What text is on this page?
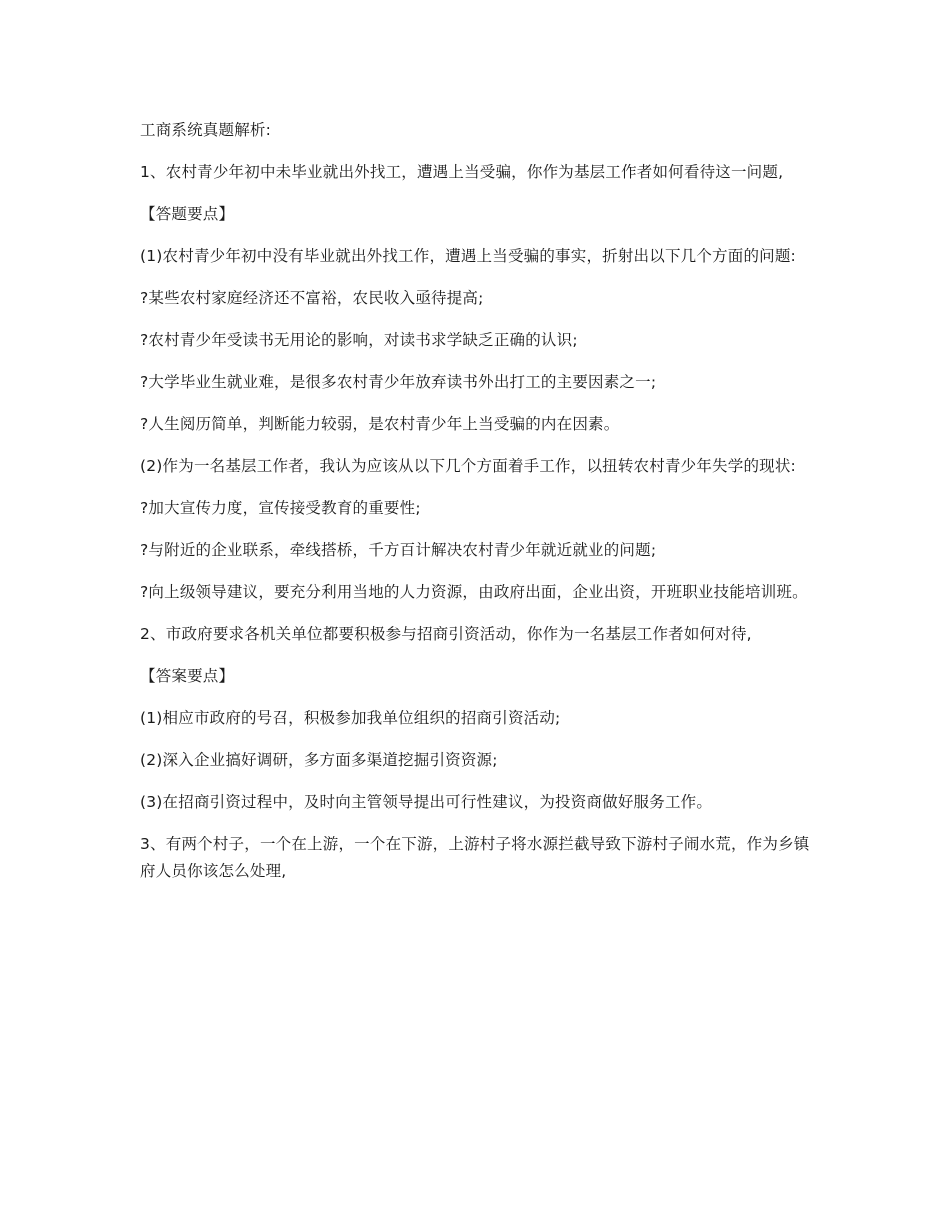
工商系统真题解析:

1、农村青少年初中未毕业就出外找工，遭遇上当受骗，你作为基层工作者如何看待这一问题,

【答题要点】

(1)农村青少年初中没有毕业就出外找工作，遭遇上当受骗的事实，折射出以下几个方面的问题:

?某些农村家庭经济还不富裕，农民收入亟待提高;

?农村青少年受读书无用论的影响，对读书求学缺乏正确的认识;

?大学毕业生就业难，是很多农村青少年放弃读书外出打工的主要因素之一;

?人生阅历简单，判断能力较弱，是农村青少年上当受骗的内在因素。

(2)作为一名基层工作者，我认为应该从以下几个方面着手工作，以扭转农村青少年失学的现状:

?加大宣传力度，宣传接受教育的重要性;

?与附近的企业联系，牵线搭桥，千方百计解决农村青少年就近就业的问题;

?向上级领导建议，要充分利用当地的人力资源，由政府出面，企业出资，开班职业技能培训班。

2、市政府要求各机关单位都要积极参与招商引资活动，你作为一名基层工作者如何对待,

【答案要点】

(1)相应市政府的号召，积极参加我单位组织的招商引资活动;

(2)深入企业搞好调研，多方面多渠道挖掘引资资源;

(3)在招商引资过程中，及时向主管领导提出可行性建议，为投资商做好服务工作。

3、有两个村子，一个在上游，一个在下游，上游村子将水源拦截导致下游村子闹水荒，作为乡镇府人员你该怎么处理,
